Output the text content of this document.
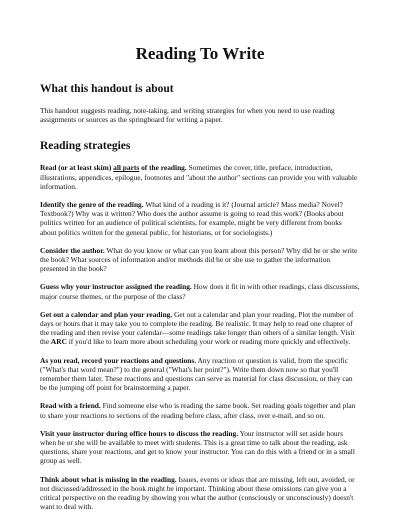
Reading To Write
What this handout is about

This handout suggests reading, note-taking, and writing strategies for when you need to use reading assignments or sources as the springboard for writing a paper.

Reading strategies

Read (or at least skim) all parts of the reading. Sometimes the cover, title, preface, introduction, illustrations, appendices, epilogue, footnotes and "about the author" sections can provide you with valuable information.

Identify the genre of the reading. What kind of a reading is it? (Journal article? Mass media? Novel? Textbook?) Why was it written? Who does the author assume is going to read this work? (Books about politics written for an audience of political scientists, for example, might be very different from books about politics written for the general public, for historians, or for sociologists.)

Consider the author. What do you know or what can you learn about this person? Why did he or she write the book? What sources of information and/or methods did he or she use to gather the information presented in the book?

Guess why your instructor assigned the reading. How does it fit in with other readings, class discussions, major course themes, or the purpose of the class?

Get out a calendar and plan your reading. Get out a calendar and plan your reading. Plot the number of days or hours that it may take you to complete the reading. Be realistic. It may help to read one chapter of the reading and then revise your calendar—some readings take longer than others of a similar length. Visit the ARC if you'd like to learn more about scheduling your work or reading more quickly and effectively.

As you read, record your reactions and questions. Any reaction or question is valid, from the specific ("What's that word mean?") to the general ("What's her point?"). Write them down now so that you'll remember them later. These reactions and questions can serve as material for class discussion, or they can be the jumping off point for brainstorming a paper.

Read with a friend. Find someone else who is reading the same book. Set reading goals together and plan to share your reactions to sections of the reading before class, after class, over e-mail, and so on.

Visit your instructor during office hours to discuss the reading. Your instructor will set aside hours when he or she will be available to meet with students. This is a great time to talk about the reading, ask questions, share your reactions, and get to know your instructor. You can do this with a friend or in a small group as well.

Think about what is missing in the reading. Issues, events or ideas that are missing, left out, avoided, or not discussed/addressed in the book might be important. Thinking about these omissions can give you a critical perspective on the reading by showing you what the author (consciously or unconsciously) doesn't want to deal with.
